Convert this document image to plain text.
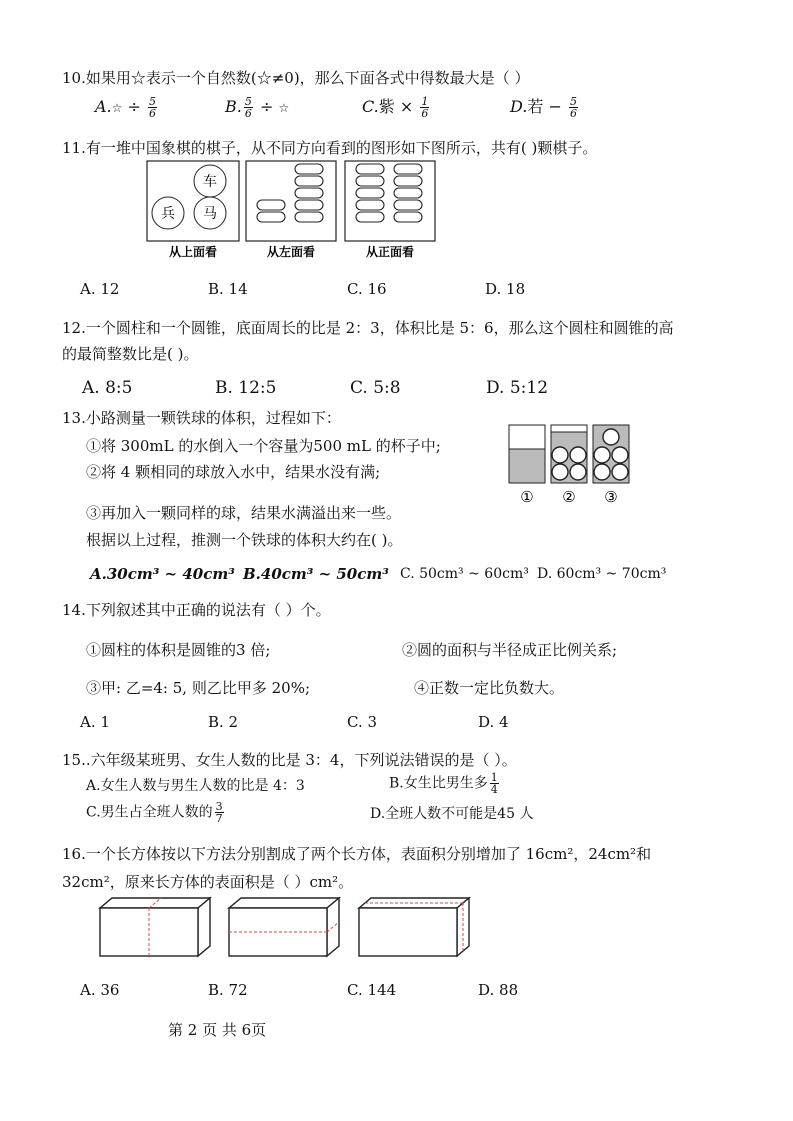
10.如果用☆表示一个自然数(☆≠0)，那么下面各式中得数最大是（ ）
A.☆ ÷ $\frac{5}{6}$	B. $\frac{5}{6}$ ÷ ☆	C.紫 × $\frac{1}{6}$	D.若 − $\frac{5}{6}$
11.有一堆中国象棋的棋子，从不同方向看到的图形如下图所示，共有( )颗棋子。
车
兵 马
从上面看	从左面看	从正面看
A. 12	B. 14	C. 16	D. 18
12.一个圆柱和一个圆锥，底面周长的比是 2：3，体积比是 5：6，那么这个圆柱和圆锥的高
的最简整数比是( )。
A. 8:5	B. 12:5	C. 5:8	D. 5:12
13.小路测量一颗铁球的体积，过程如下：
①将 300mL 的水倒入一个容量为500 mL 的杯子中;
②将 4 颗相同的球放入水中，结果水没有满;
③再加入一颗同样的球，结果水满溢出来一些。
根据以上过程，推测一个铁球的体积大约在( )。
① ② ③
A.30cm³ ~ 40cm³ B.40cm³ ~ 50cm³ C. 50cm³ ~ 60cm³ D. 60cm³ ~ 70cm³
14.下列叙述其中正确的说法有（ ）个。
①圆柱的体积是圆锥的3 倍;	②圆的面积与半径成正比例关系;
③甲: 乙=4: 5, 则乙比甲多 20%;	④正数一定比负数大。
A. 1	B. 2	C. 3	D. 4
15..六年级某班男、女生人数的比是 3：4，下列说法错误的是（ ）。
A.女生人数与男生人数的比是 4：3	B.女生比男生多 $\frac{1}{4}$
C.男生占全班人数的 $\frac{3}{7}$	D.全班人数不可能是45 人
16.一个长方体按以下方法分别割成了两个长方体，表面积分别增加了 16cm²，24cm²和
32cm²，原来长方体的表面积是（ ）cm²。
A. 36	B. 72	C. 144	D. 88
第 2 页 共 6页
